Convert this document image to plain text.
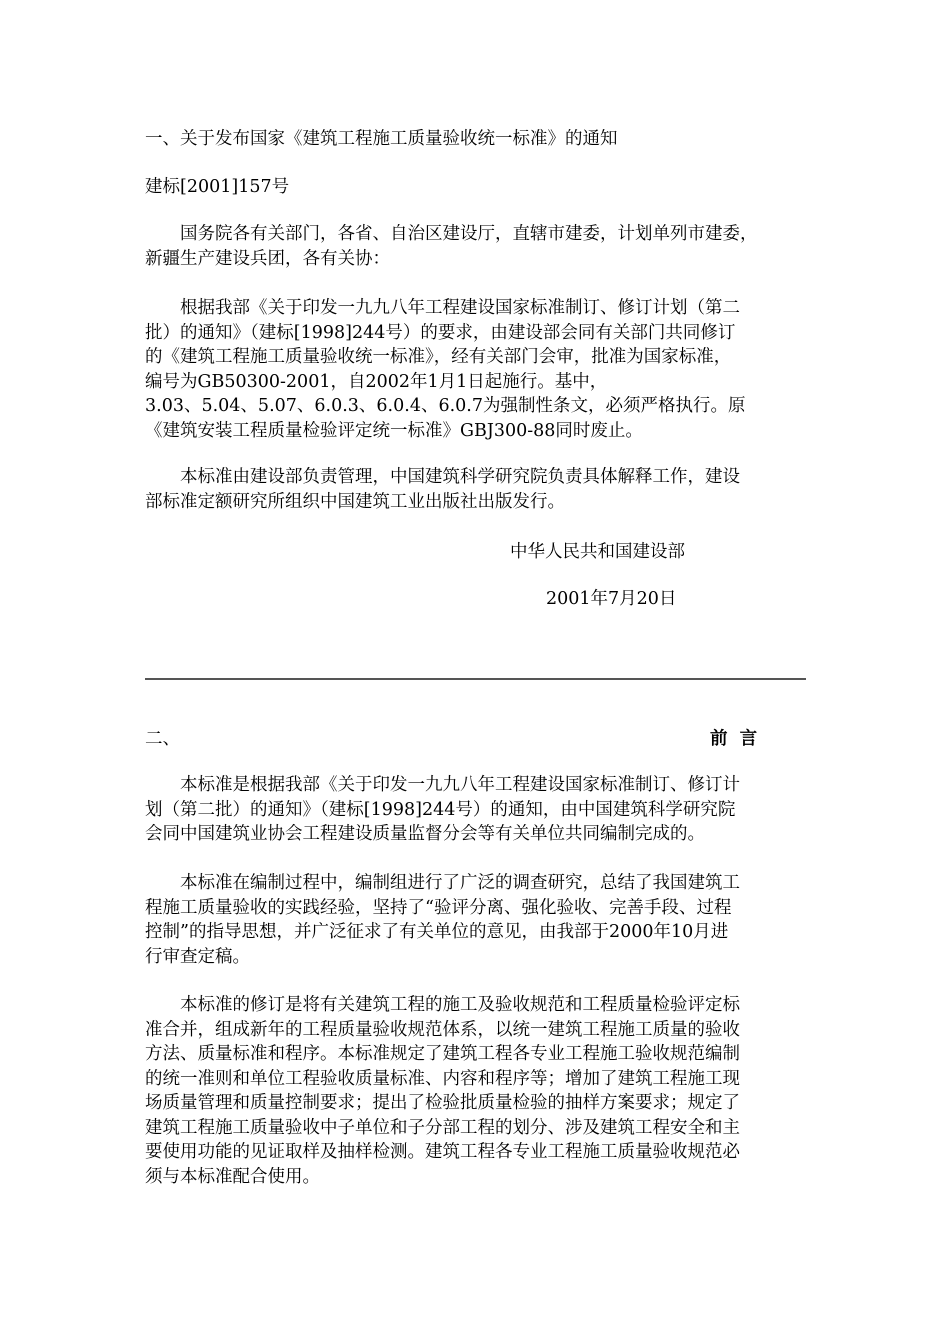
一、关于发布国家《建筑工程施工质量验收统一标准》的通知

建标[2001]157号

国务院各有关部门，各省、自治区建设厅，直辖市建委，计划单列市建委，
新疆生产建设兵团，各有关协：
根据我部《关于印发一九九八年工程建设国家标准制订、修订计划（第二
批）的通知》（建标[1998]244号）的要求，由建设部会同有关部门共同修订
的《建筑工程施工质量验收统一标准》，经有关部门会审，批准为国家标准，
编号为GB50300-2001，自2002年1月1日起施行。基中，
3.03、5.04、5.07、6.0.3、6.0.4、6.0.7为强制性条文，必须严格执行。原
《建筑安装工程质量检验评定统一标准》GBJ300-88同时废止。
本标准由建设部负责管理，中国建筑科学研究院负责具体解释工作，建设
部标准定额研究所组织中国建筑工业出版社出版发行。
中华人民共和国建设部
2001年7月20日
二、	前  言
本标准是根据我部《关于印发一九九八年工程建设国家标准制订、修订计
划（第二批）的通知》（建标[1998]244号）的通知，由中国建筑科学研究院
会同中国建筑业协会工程建设质量监督分会等有关单位共同编制完成的。
本标准在编制过程中，编制组进行了广泛的调查研究，总结了我国建筑工
程施工质量验收的实践经验，坚持了“验评分离、强化验收、完善手段、过程
控制”的指导思想，并广泛征求了有关单位的意见，由我部于2000年10月进
行审查定稿。
本标准的修订是将有关建筑工程的施工及验收规范和工程质量检验评定标
准合并，组成新年的工程质量验收规范体系，以统一建筑工程施工质量的验收
方法、质量标准和程序。本标准规定了建筑工程各专业工程施工验收规范编制
的统一准则和单位工程验收质量标准、内容和程序等；增加了建筑工程施工现
场质量管理和质量控制要求；提出了检验批质量检验的抽样方案要求；规定了
建筑工程施工质量验收中子单位和子分部工程的划分、涉及建筑工程安全和主
要使用功能的见证取样及抽样检测。建筑工程各专业工程施工质量验收规范必
须与本标准配合使用。
